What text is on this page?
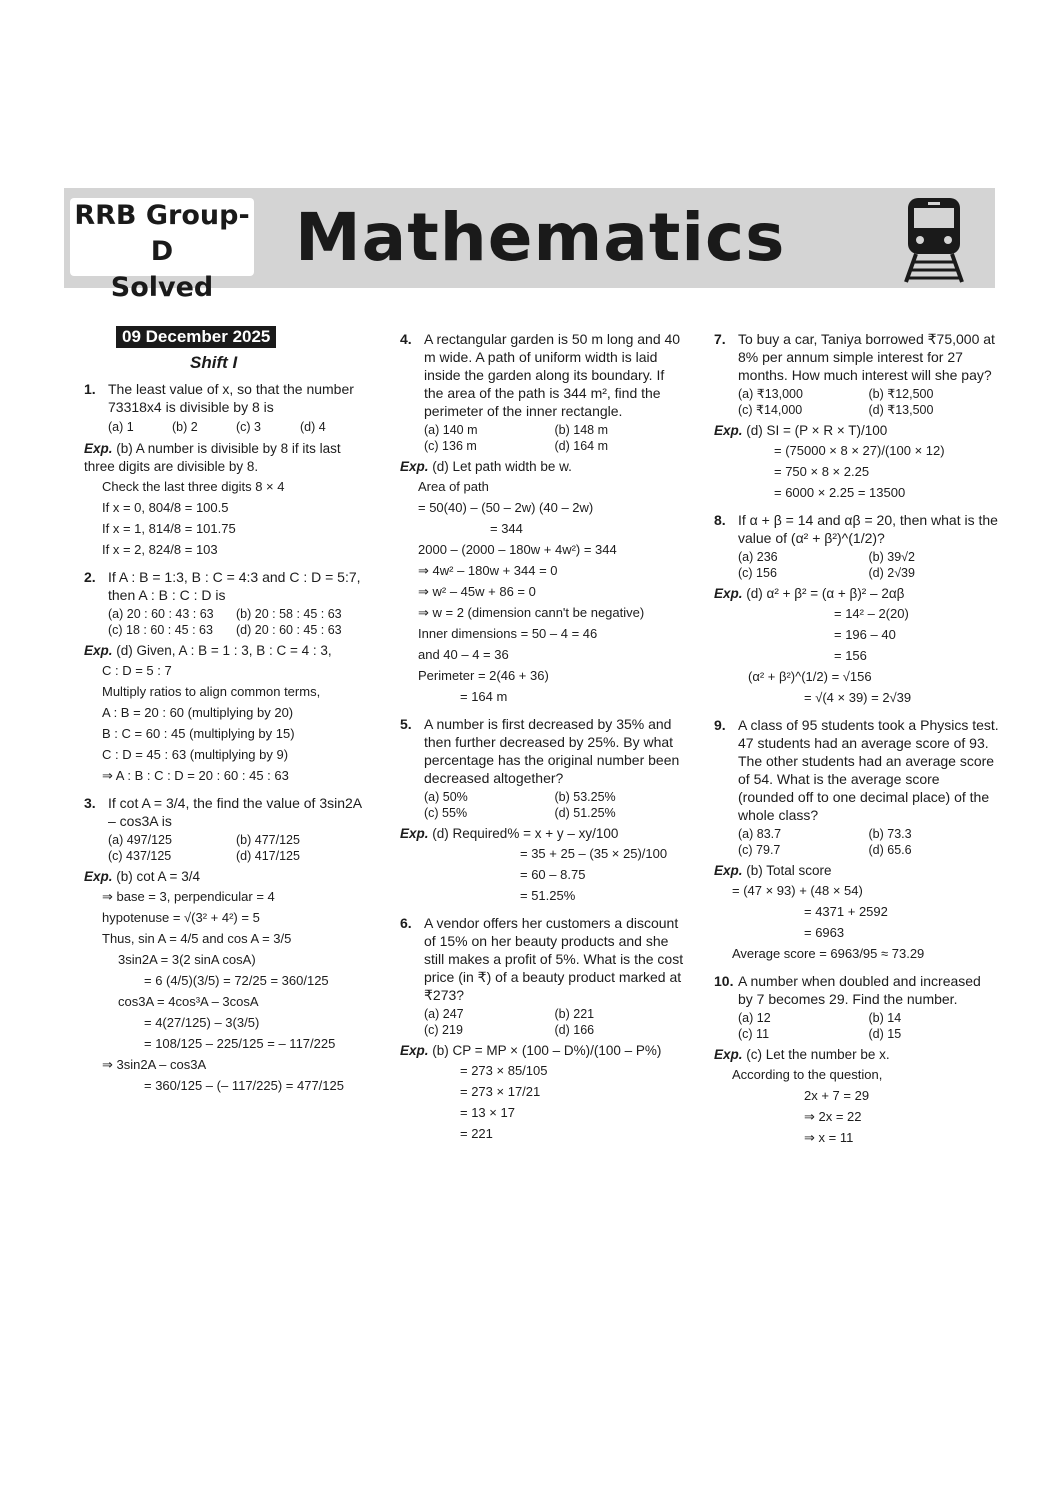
RRB Group-D
Solved
Mathematics
09 December 2025
Shift I
1. The least value of x, so that the number 73318x4 is divisible by 8 is
(a) 1	(b) 2	(c) 3	(d) 4
Exp. (b) A number is divisible by 8 if its last three digits are divisible by 8.
Check the last three digits 8 × 4
If x = 0, 804/8 = 100.5
If x = 1, 814/8 = 101.75
If x = 2, 824/8 = 103
2. If A : B = 1:3, B : C = 4:3 and C : D = 5:7, then A : B : C : D is
(a) 20 : 60 : 43 : 63	(b) 20 : 58 : 45 : 63
(c) 18 : 60 : 45 : 63	(d) 20 : 60 : 45 : 63
Exp. (d) Given, A : B = 1 : 3, B : C = 4 : 3,
C : D = 5 : 7
Multiply ratios to align common terms,
A : B = 20 : 60 (multiplying by 20)
B : C = 60 : 45 (multiplying by 15)
C : D = 45 : 63 (multiplying by 9)
⇒ A : B : C : D = 20 : 60 : 45 : 63
3. If cot A = 3/4, the find the value of 3sin2A – cos3A is
(a) 497/125	(b) 477/125
(c) 437/125	(d) 417/125
Exp. (b) cot A = 3/4
⇒ base = 3, perpendicular = 4
hypotenuse = √(3² + 4²) = 5
Thus, sin A = 4/5 and cos A = 3/5
3sin2A = 3(2 sinA cosA)
= 6 (4/5)(3/5) = 72/25 = 360/125
cos3A = 4cos³A – 3cosA
= 4(27/125) – 3(3/5)
= 108/125 – 225/125 = – 117/225
⇒ 3sin2A – cos3A
= 360/125 – (– 117/225) = 477/125
4. A rectangular garden is 50 m long and 40 m wide. A path of uniform width is laid inside the garden along its boundary. If the area of the path is 344 m², find the perimeter of the inner rectangle.
(a) 140 m	(b) 148 m
(c) 136 m	(d) 164 m
Exp. (d) Let path width be w.
Area of path
= 50(40) – (50 – 2w) (40 – 2w)
= 344
2000 – (2000 – 180w + 4w²) = 344
⇒ 4w² – 180w + 344 = 0
⇒ w² – 45w + 86 = 0
⇒ w = 2 (dimension cann't be negative)
Inner dimensions = 50 – 4 = 46
and 40 – 4 = 36
Perimeter = 2(46 + 36)
= 164 m
5. A number is first decreased by 35% and then further decreased by 25%. By what percentage has the original number been decreased altogether?
(a) 50%	(b) 53.25%
(c) 55%	(d) 51.25%
Exp. (d) Required% = x + y – xy/100
= 35 + 25 – (35 × 25)/100
= 60 – 8.75
= 51.25%
6. A vendor offers her customers a discount of 15% on her beauty products and she still makes a profit of 5%. What is the cost price (in ₹) of a beauty product marked at ₹273?
(a) 247	(b) 221
(c) 219	(d) 166
Exp. (b) CP = MP × (100 – D%)/(100 – P%)
= 273 × 85/105
= 273 × 17/21
= 13 × 17
= 221
7. To buy a car, Taniya borrowed ₹75,000 at 8% per annum simple interest for 27 months. How much interest will she pay?
(a) ₹13,000	(b) ₹12,500
(c) ₹14,000	(d) ₹13,500
Exp. (d) SI = (P × R × T)/100
= (75000 × 8 × 27)/(100 × 12)
= 750 × 8 × 2.25
= 6000 × 2.25 = 13500
8. If α + β = 14 and αβ = 20, then what is the value of (α² + β²)^(1/2)?
(a) 236	(b) 39√2
(c) 156	(d) 2√39
Exp. (d) α² + β² = (α + β)² – 2αβ
= 14² – 2(20)
= 196 – 40
= 156
(α² + β²)^(1/2) = √156
= √(4 × 39) = 2√39
9. A class of 95 students took a Physics test. 47 students had an average score of 93. The other students had an average score of 54. What is the average score (rounded off to one decimal place) of the whole class?
(a) 83.7	(b) 73.3
(c) 79.7	(d) 65.6
Exp. (b) Total score
= (47 × 93) + (48 × 54)
= 4371 + 2592
= 6963
Average score = 6963/95 ≈ 73.29
10. A number when doubled and increased by 7 becomes 29. Find the number.
(a) 12	(b) 14
(c) 11	(d) 15
Exp. (c) Let the number be x.
According to the question,
2x + 7 = 29
⇒ 2x = 22
⇒ x = 11
